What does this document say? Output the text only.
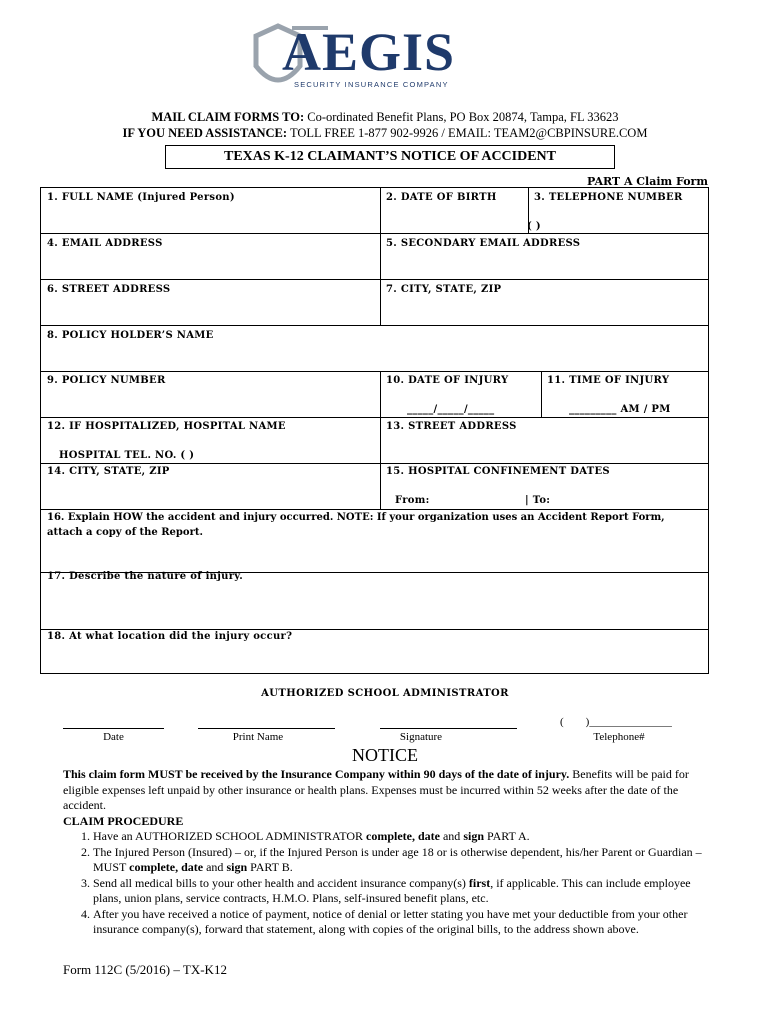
AEGIS
SECURITY INSURANCE COMPANY
MAIL CLAIM FORMS TO: Co-ordinated Benefit Plans, PO Box 20874, Tampa, FL 33623
IF YOU NEED ASSISTANCE: TOLL FREE 1-877 902-9926 / EMAIL: TEAM2@CBPINSURE.COM
TEXAS K-12 CLAIMANT’S NOTICE OF ACCIDENT
PART A Claim Form
1. FULL NAME (Injured Person)	2. DATE OF BIRTH	3. TELEPHONE NUMBER
( )
4. EMAIL ADDRESS	5. SECONDARY EMAIL ADDRESS
6. STREET ADDRESS	7. CITY, STATE, ZIP
8. POLICY HOLDER’S NAME
9. POLICY NUMBER	10. DATE OF INJURY	11. TIME OF INJURY
_____/_____/_____	_________ AM / PM
12. IF HOSPITALIZED, HOSPITAL NAME	13. STREET ADDRESS
HOSPITAL TEL. NO. ( )
14. CITY, STATE, ZIP	15. HOSPITAL CONFINEMENT DATES
From:	| To:
16. Explain HOW the accident and injury occurred. NOTE: If your organization uses an Accident Report Form, attach a copy of the Report.
17. Describe the nature of injury.
18. At what location did the injury occur?
AUTHORIZED SCHOOL ADMINISTRATOR
(        )_______________
Date	Print Name	Signature	Telephone#
NOTICE

This claim form MUST be received by the Insurance Company within 90 days of the date of injury. Benefits will be paid for eligible expenses left unpaid by other insurance or health plans. Expenses must be incurred within 52 weeks after the date of the accident.

CLAIM PROCEDURE

1. Have an AUTHORIZED SCHOOL ADMINISTRATOR complete, date and sign PART A.
2. The Injured Person (Insured) – or, if the Injured Person is under age 18 or is otherwise dependent, his/her Parent or Guardian – MUST complete, date and sign PART B.
3. Send all medical bills to your other health and accident insurance company(s) first, if applicable. This can include employee plans, union plans, service contracts, H.M.O. Plans, self-insured benefit plans, etc.
4. After you have received a notice of payment, notice of denial or letter stating you have met your deductible from your other insurance company(s), forward that statement, along with copies of the original bills, to the address shown above.
Form 112C (5/2016) – TX-K12
